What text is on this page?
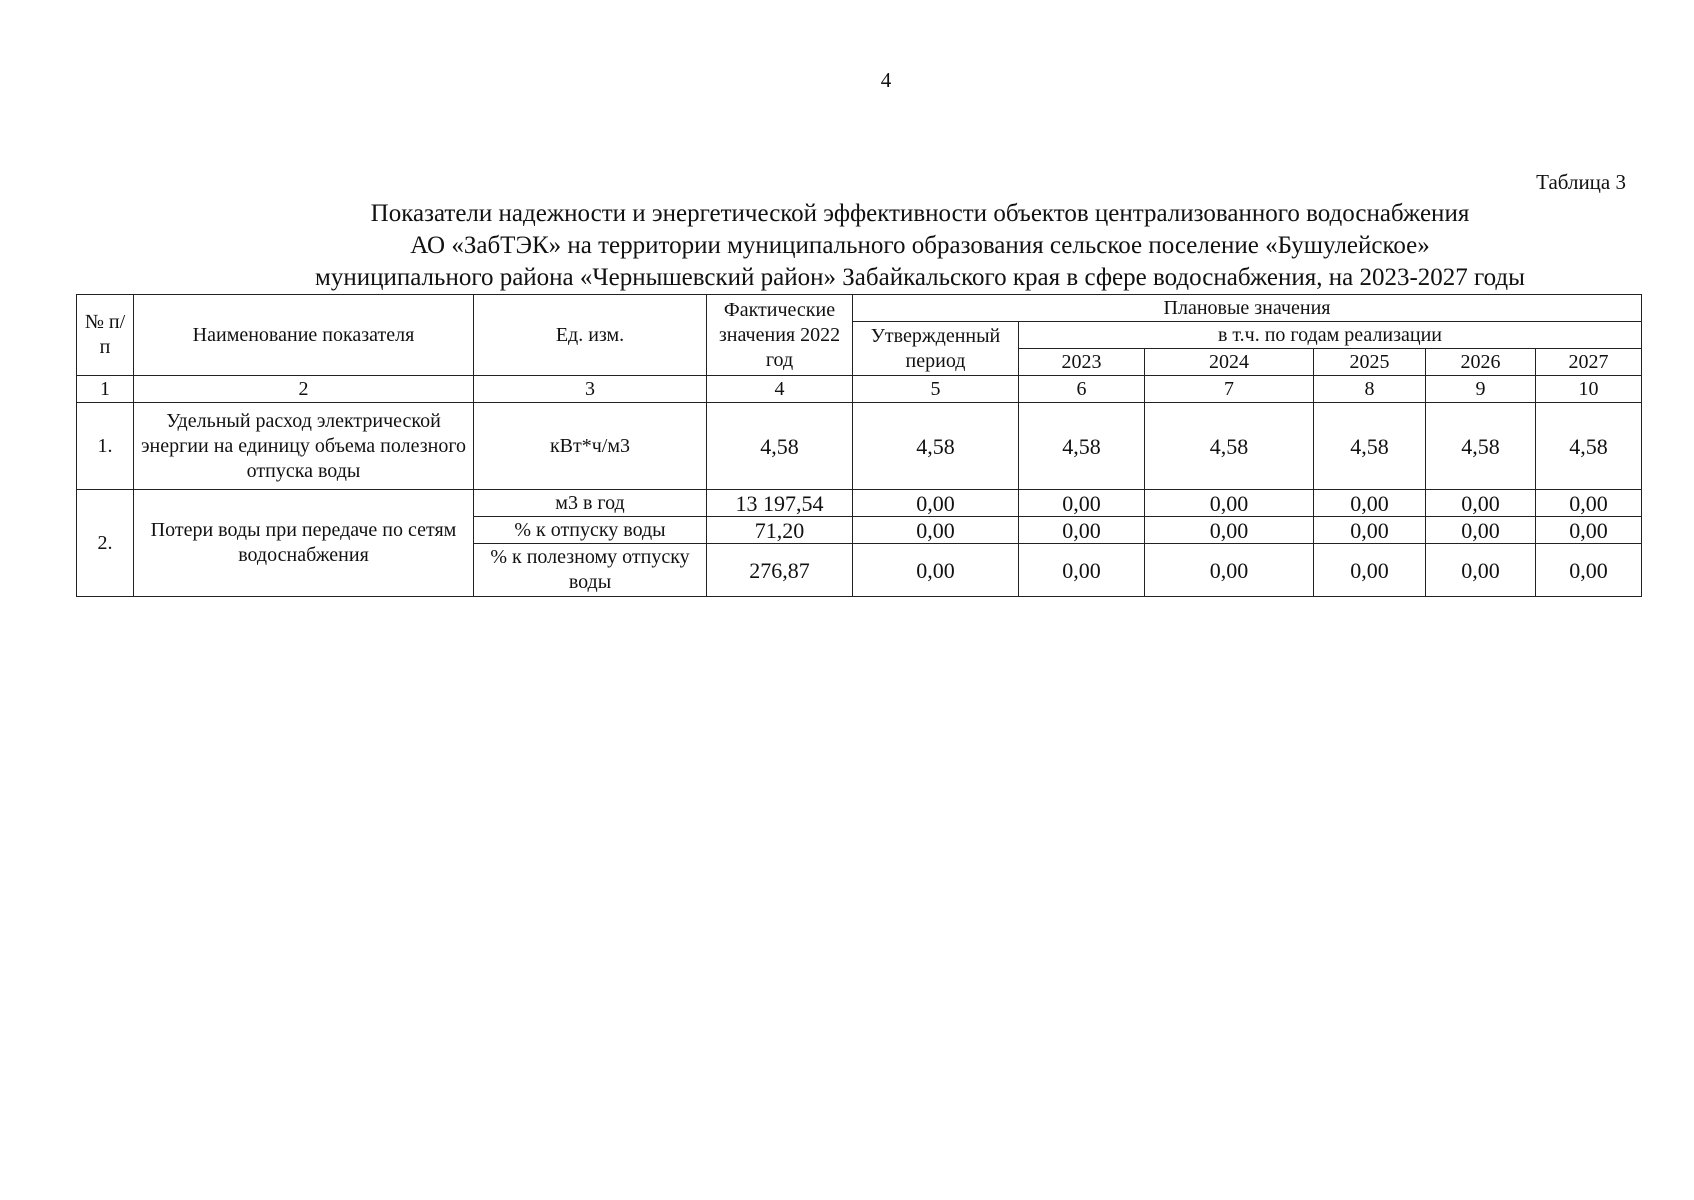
4
Таблица 3
Показатели надежности и энергетической эффективности объектов централизованного водоснабжения
АО «ЗабТЭК» на территории муниципального образования сельское поселение «Бушулейское»
муниципального района «Чернышевский район» Забайкальского края в сфере водоснабжения, на 2023-2027 годы
№ п/п	Наименование показателя	Ед. изм.	Фактические значения 2022 год	Плановые значения					
				Утвержденный период	в т.ч. по годам реализации				
					2023	2024	2025	2026	2027
1	2	3	4	5	6	7	8	9	10
1.	Удельный расход электрической энергии на единицу объема полезного отпуска воды	кВт*ч/м3	4,58	4,58	4,58	4,58	4,58	4,58	4,58
2.	Потери воды при передаче по сетям водоснабжения	м3 в год	13 197,54	0,00	0,00	0,00	0,00	0,00	0,00
		% к отпуску воды	71,20	0,00	0,00	0,00	0,00	0,00	0,00
		% к полезному отпуску воды	276,87	0,00	0,00	0,00	0,00	0,00	0,00
